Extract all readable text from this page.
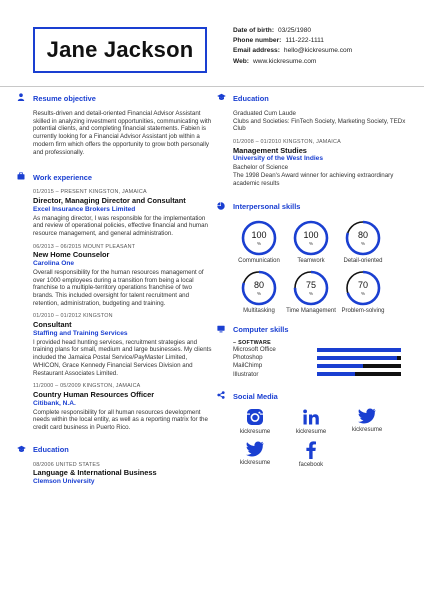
Jane Jackson
Date of birth: 03/25/1980
Phone number: 111-222-1111
Email address: hello@kickresume.com
Web: www.kickresume.com
Resume objective
Results-driven and detail-oriented Financial Advisor Assistant skilled in analyzing investment opportunities, communicating with potential clients, and completing financial statements. Fabien is currently looking for a Financial Advisor Assistant job within a modern firm which offers the opportunity to grow both personally and professionally.
Work experience
01/2015 – PRESENT KINGSTON, JAMAICA
Director, Managing Director and Consultant
Excel Insurance Brokers Limited
As managing director, I was responsible for the implementation and review of operational policies, effective financial and human resource management, and general administration.
06/2013 – 06/2015 MOUNT PLEASANT
New Home Counselor
Carolina One
Overall responsibility for the human resources management of over 1000 employees during a transition from being a local franchise to a multiple-territory operations franchise of two brands. This included oversight for talent recruitment and retention, administration, budgeting and training.
01/2010 – 01/2012 KINGSTON
Consultant
Staffing and Training Services
I provided head hunting services, recruitment strategies and training plans for small, medium and large businesses. My clients included the Jamaica Postal Service/PayMaster Limited, WHICON, Grace Kennedy Financial Services Division and Restaurant Associates Limited.
11/2000 – 05/2009 KINGSTON, JAMAICA
Country Human Resources Officer
Citibank, N.A.
Complete responsibility for all human resources development needs within the local entity, as well as a reporting matrix for the credit card business in Puerto Rico.
Education
08/2006 UNITED STATES
Language & International Business
Clemson University
Education
Graduated Cum Laude
Clubs and Societies: FinTech Society, Marketing Society, TEDx Club
01/2008 – 01/2010 KINGSTON, JAMAICA
Management Studies
University of the West Indies
Bachelor of Science
The 1998 Dean's Award winner for achieving extraordinary academic results
Interpersonal skills
100
%
Communication
100
%
Teamwork
80
%
Detail-oriented
80
%
Multitasking
75
%
Time Management
70
%
Problem-solving
Computer skills
– SOFTWARE
Microsoft Office
Photoshop
MailChimp
Illustrator
Social Media
kickresume	kickresume	kickresume
kickresume	facebook
